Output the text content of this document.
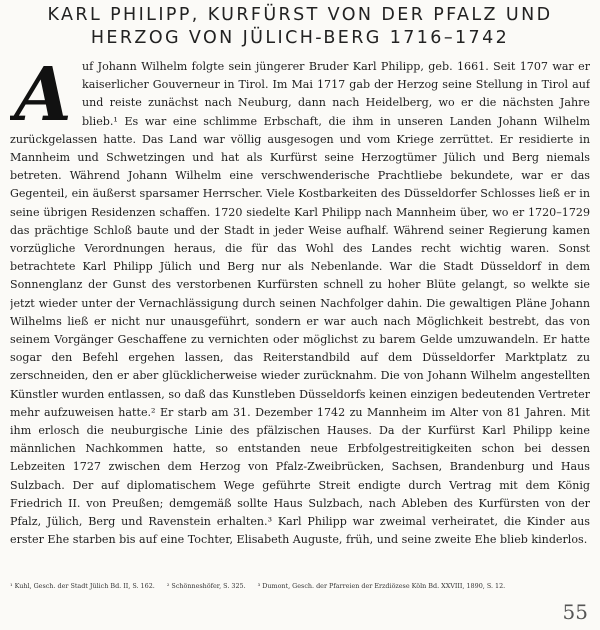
KARL PHILIPP, KURFÜRST VON DER PFALZ UND
HERZOG VON JÜLICH-BERG 1716–1742
A uf Johann Wilhelm folgte sein jüngerer Bruder Karl Philipp, geb. 1661. Seit 1707 war er kaiserlicher Gouverneur in Tirol. Im Mai 1717 gab der Herzog seine Stellung in Tirol auf und reiste zunächst nach Neuburg, dann nach Heidelberg, wo er die nächsten Jahre blieb.¹ Es war eine schlimme Erbschaft, die ihm in unseren Landen Johann Wilhelm zurückgelassen hatte. Das Land war völlig ausgesogen und vom Kriege zerrüttet. Er residierte in Mannheim und Schwetzingen und hat als Kurfürst seine Herzogtümer Jülich und Berg niemals betreten. Während Johann Wilhelm eine verschwenderische Prachtliebe bekundete, war er das Gegenteil, ein äußerst sparsamer Herrscher. Viele Kostbarkeiten des Düsseldorfer Schlosses ließ er in seine übrigen Residenzen schaffen. 1720 siedelte Karl Philipp nach Mannheim über, wo er 1720–1729 das prächtige Schloß baute und der Stadt in jeder Weise aufhalf. Während seiner Regierung kamen vorzügliche Verordnungen heraus, die für das Wohl des Landes recht wichtig waren. Sonst betrachtete Karl Philipp Jülich und Berg nur als Nebenlande. War die Stadt Düsseldorf in dem Sonnenglanz der Gunst des verstorbenen Kurfürsten schnell zu hoher Blüte gelangt, so welkte sie jetzt wieder unter der Vernachlässigung durch seinen Nachfolger dahin. Die gewaltigen Pläne Johann Wilhelms ließ er nicht nur unausgeführt, sondern er war auch nach Möglichkeit bestrebt, das von seinem Vorgänger Geschaffene zu vernichten oder möglichst zu barem Gelde umzuwandeln. Er hatte sogar den Befehl ergehen lassen, das Reiterstandbild auf dem Düsseldorfer Marktplatz zu zerschneiden, den er aber glücklicherweise wieder zurücknahm. Die von Johann Wilhelm angestellten Künstler wurden entlassen, so daß das Kunstleben Düsseldorfs keinen einzigen bedeutenden Vertreter mehr aufzuweisen hatte.² Er starb am 31. Dezember 1742 zu Mannheim im Alter von 81 Jahren. Mit ihm erlosch die neuburgische Linie des pfälzischen Hauses. Da der Kurfürst Karl Philipp keine männlichen Nachkommen hatte, so entstanden neue Erbfolgestreitigkeiten schon bei dessen Lebzeiten 1727 zwischen dem Herzog von Pfalz-Zweibrücken, Sachsen, Brandenburg und Haus Sulzbach. Der auf diplomatischem Wege geführte Streit endigte durch Vertrag mit dem König Friedrich II. von Preußen; demgemäß sollte Haus Sulzbach, nach Ableben des Kurfürsten von der Pfalz, Jülich, Berg und Ravenstein erhalten.³ Karl Philipp war zweimal verheiratet, die Kinder aus erster Ehe starben bis auf eine Tochter, Elisabeth Auguste, früh, und seine zweite Ehe blieb kinderlos.

¹ Kuhl, Gesch. der Stadt Jülich Bd. II, S. 162. ² Schönneshöfer, S. 325. ³ Dumont, Gesch. der Pfarreien der Erzdiözese Köln Bd. XXVIII, 1890, S. 12.
55
